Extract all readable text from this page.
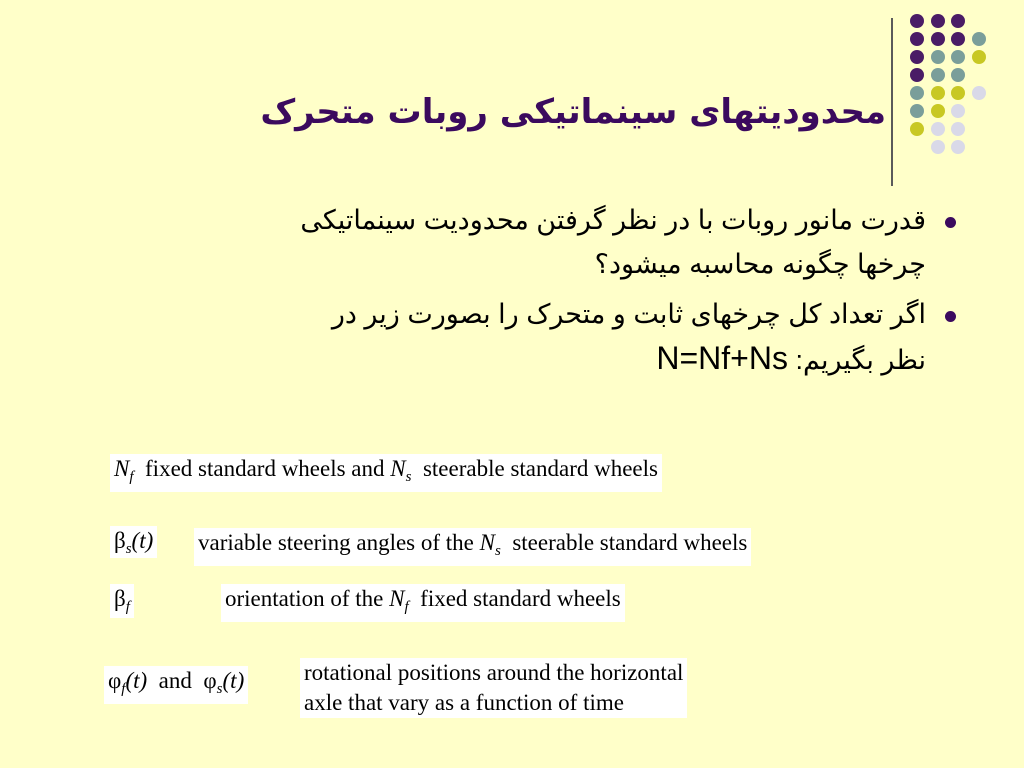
محدودیتهای سینماتیکی روبات متحرک
قدرت مانور روبات با در نظر گرفتن محدودیت سینماتیکی
چرخها چگونه محاسبه میشود؟
اگر تعداد کل چرخهای ثابت و متحرک را بصورت زیر در
نظر بگیریم: N=Nf+Ns
$N_f$ fixed standard wheels and $N_s$ steerable standard wheels
$\beta_s(t)$ variable steering angles of the $N_s$ steerable standard wheels
$\beta_f$	orientation of the $N_f$ fixed standard wheels
$\varphi_f(t)$ and $\varphi_s(t)$	rotational positions around the horizontal
axle that vary as a function of time
